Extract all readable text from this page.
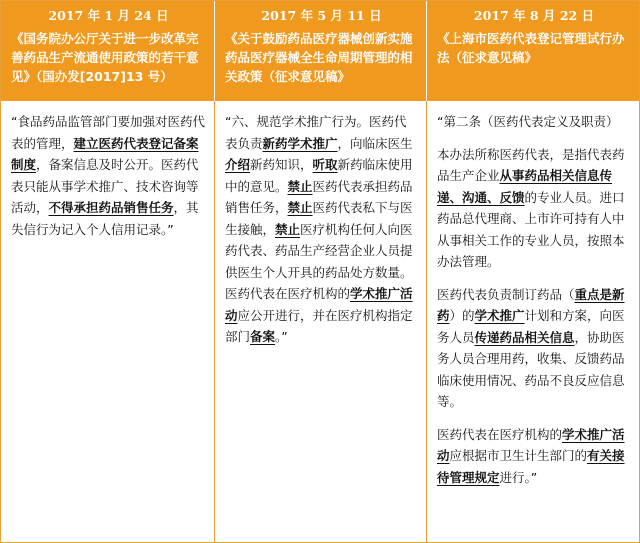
2017 年 1 月 24 日
《国务院办公厅关于进一步改革完善药品生产流通使用政策的若干意见》（国办发[2017]13 号）
2017 年 5 月 11 日
《关于鼓励药品医疗器械创新实施药品医疗器械全生命周期管理的相关政策（征求意见稿》
2017 年 8 月 22 日
《上海市医药代表登记管理试行办法（征求意见稿》

“食品药品监管部门要加强对医药代表的管理，建立医药代表登记备案制度，备案信息及时公开。医药代表只能从事学术推广、技术咨询等活动，不得承担药品销售任务，其失信行为记入个人信用记录。”

“六、规范学术推广行为。医药代表负责新药学术推广，向临床医生介绍新药知识，听取新药临床使用中的意见。禁止医药代表承担药品销售任务，禁止医药代表私下与医生接触，禁止医疗机构任何人向医药代表、药品生产经营企业人员提供医生个人开具的药品处方数量。医药代表在医疗机构的学术推广活动应公开进行，并在医疗机构指定部门备案。”

“第二条（医药代表定义及职责）

本办法所称医药代表，是指代表药品生产企业从事药品相关信息传递、沟通、反馈的专业人员。进口药品总代理商、上市许可持有人中从事相关工作的专业人员，按照本办法管理。

医药代表负责制订药品（重点是新药）的学术推广计划和方案，向医务人员传递药品相关信息，协助医务人员合理用药，收集、反馈药品临床使用情况、药品不良反应信息等。

医药代表在医疗机构的学术推广活动应根据市卫生计生部门的有关接待管理规定进行。”
